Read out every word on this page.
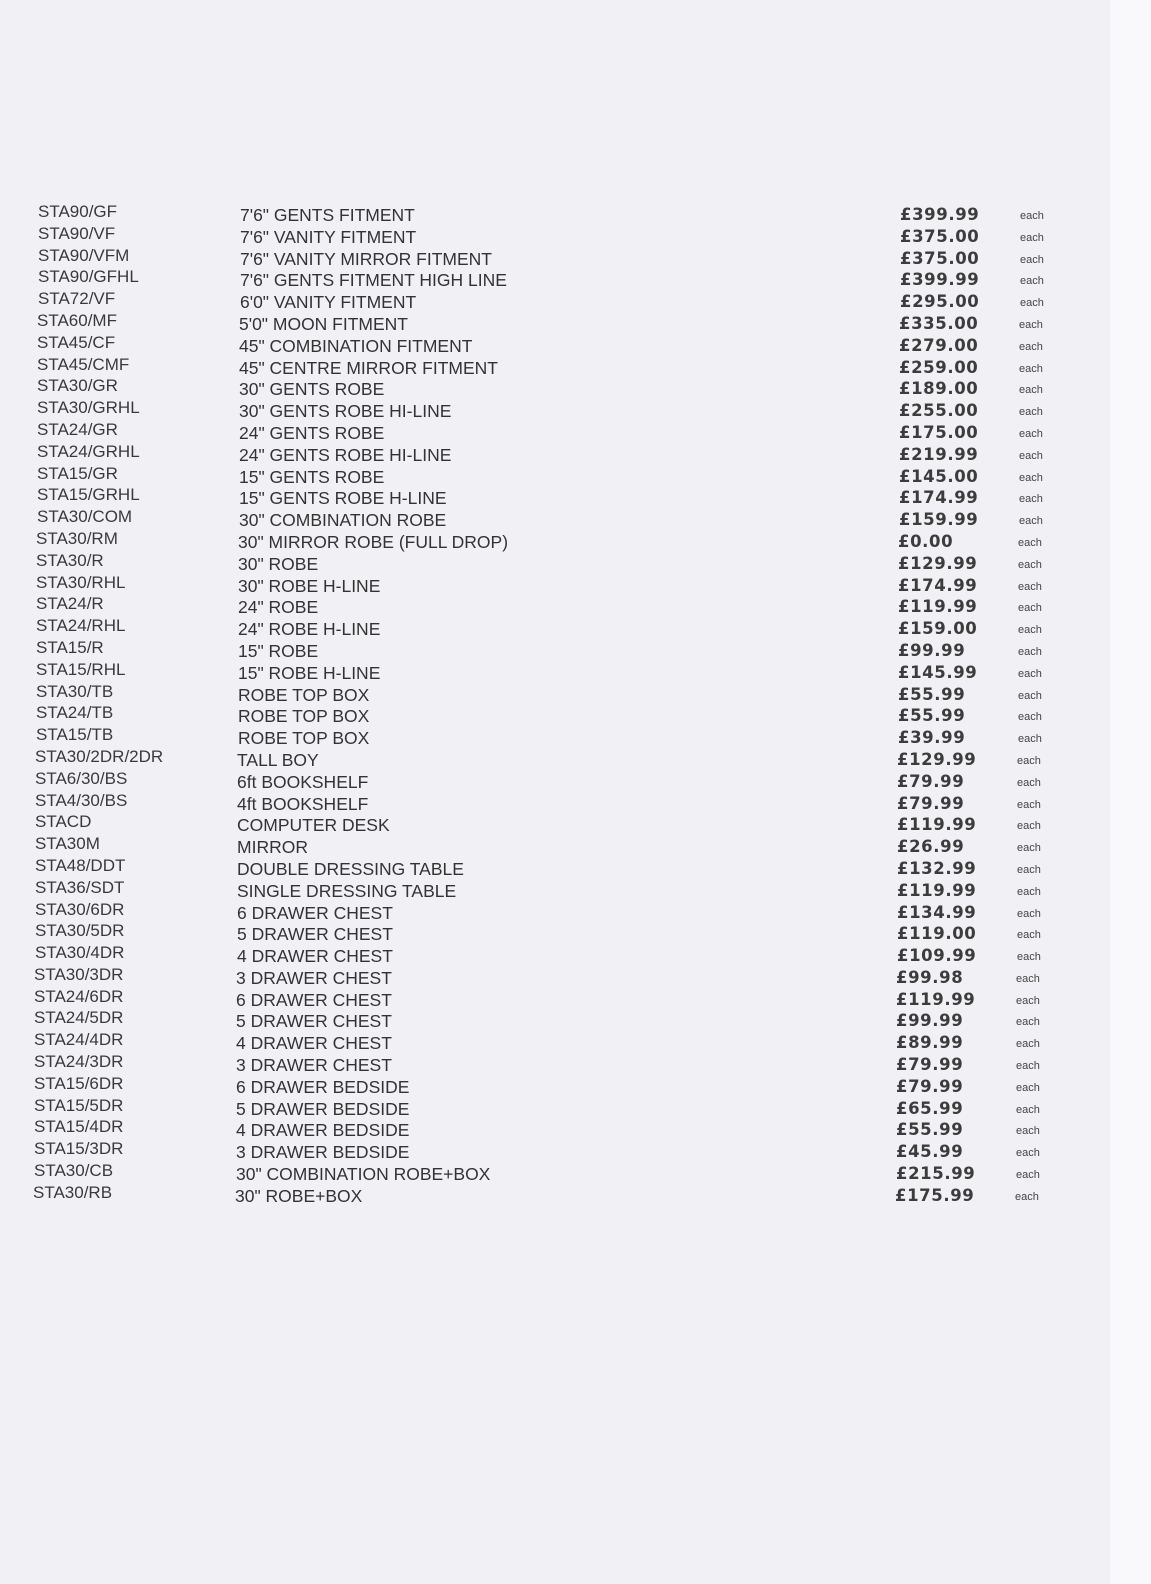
STA90/GF	7'6" GENTS FITMENT	£399.99	each
STA90/VF	7'6" VANITY FITMENT	£375.00	each
STA90/VFM	7'6" VANITY MIRROR FITMENT	£375.00	each
STA90/GFHL	7'6" GENTS FITMENT HIGH LINE	£399.99	each
STA72/VF	6'0" VANITY FITMENT	£295.00	each
STA60/MF	5'0" MOON FITMENT	£335.00	each
STA45/CF	45" COMBINATION FITMENT	£279.00	each
STA45/CMF	45" CENTRE MIRROR FITMENT	£259.00	each
STA30/GR	30" GENTS ROBE	£189.00	each
STA30/GRHL	30" GENTS ROBE HI-LINE	£255.00	each
STA24/GR	24" GENTS ROBE	£175.00	each
STA24/GRHL	24" GENTS ROBE HI-LINE	£219.99	each
STA15/GR	15" GENTS ROBE	£145.00	each
STA15/GRHL	15" GENTS ROBE H-LINE	£174.99	each
STA30/COM	30" COMBINATION ROBE	£159.99	each
STA30/RM	30" MIRROR ROBE (FULL DROP)	£0.00	each
STA30/R	30" ROBE	£129.99	each
STA30/RHL	30" ROBE H-LINE	£174.99	each
STA24/R	24" ROBE	£119.99	each
STA24/RHL	24" ROBE H-LINE	£159.00	each
STA15/R	15" ROBE	£99.99	each
STA15/RHL	15" ROBE H-LINE	£145.99	each
STA30/TB	ROBE TOP BOX	£55.99	each
STA24/TB	ROBE TOP BOX	£55.99	each
STA15/TB	ROBE TOP BOX	£39.99	each
STA30/2DR/2DR	TALL BOY	£129.99	each
STA6/30/BS	6ft BOOKSHELF	£79.99	each
STA4/30/BS	4ft BOOKSHELF	£79.99	each
STACD	COMPUTER DESK	£119.99	each
STA30M	MIRROR	£26.99	each
STA48/DDT	DOUBLE DRESSING TABLE	£132.99	each
STA36/SDT	SINGLE DRESSING TABLE	£119.99	each
STA30/6DR	6 DRAWER CHEST	£134.99	each
STA30/5DR	5 DRAWER CHEST	£119.00	each
STA30/4DR	4 DRAWER CHEST	£109.99	each
STA30/3DR	3 DRAWER CHEST	£99.98	each
STA24/6DR	6 DRAWER CHEST	£119.99	each
STA24/5DR	5 DRAWER CHEST	£99.99	each
STA24/4DR	4 DRAWER CHEST	£89.99	each
STA24/3DR	3 DRAWER CHEST	£79.99	each
STA15/6DR	6 DRAWER BEDSIDE	£79.99	each
STA15/5DR	5 DRAWER BEDSIDE	£65.99	each
STA15/4DR	4 DRAWER BEDSIDE	£55.99	each
STA15/3DR	3 DRAWER BEDSIDE	£45.99	each
STA30/CB	30" COMBINATION ROBE+BOX	£215.99	each
STA30/RB	30" ROBE+BOX	£175.99	each
